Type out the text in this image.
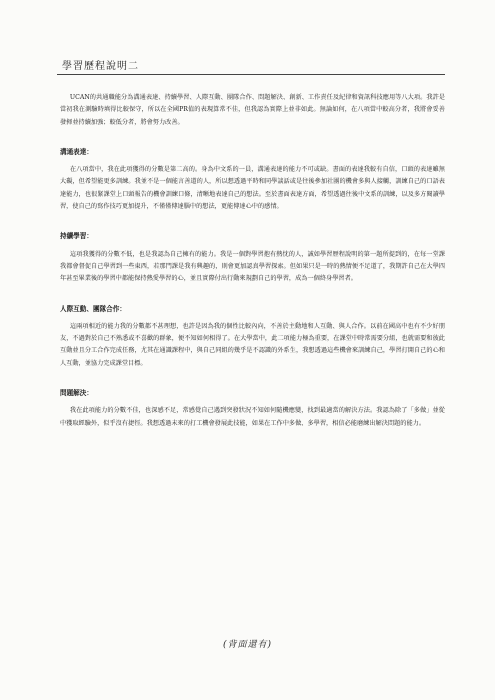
學習歷程說明二

UCAN的共通職能分為溝通表達、持續學習、人際互動、團隊合作、問題解決、創新、工作責任及紀律和資訊科技應用等八大項。我許是當初我在測驗時填得比較保守，所以在全國PR值的表現算常不佳，但我認為實際上並非如此。無論如何，在八項當中較高分者，我將會妥善發揮並持續加強；較低分者，將會努力改善。

溝通表達：

在八項當中，我在此項獲得的分數是第二高的。身為中文系的一員，溝通表達的能力不可或缺。書面的表達我較有自信，口頭的表達雖無大礙，但希望能更多訓練。我並不是一個能言善道的人，所以想透過平時和同學談話或是往後參加社團的機會多與人接觸，訓練自己的口語表達能力，也很緊課堂上口頭報告的機會訓練口條，清晰地表達自己的想法。至於書面表達方面，希望透過往後中文系的訓練，以及多方閱讀學習，使自己的寫作技巧更加提升，不僅僅傳達腦中的想法，更能傳達心中的感情。

持續學習：

這項我獲得的分數不低，也是我認為自己擁有的能力。我是一個對學習抱有熱忱的人，誠如學習歷程說明的第一題所提到的，在每一堂課我都會督促自己學習到一些東西，若那門課是我有興趣的，則會更加認真學習探索。但如果只是一時的熱情便不足道了，我期許自己在大學四年甚至畢業後的學習中都能保持熱愛學習的心，並且實際付出行動來規劃自己的學習，成為一個終身學習者。

人際互動、團隊合作：

這兩項相近的能力我的分數都不甚理想，也許是因為我的個性比較內向，不善於主動地和人互動、與人合作。以前在國高中也有不少好朋友，不過對於自己不熟悉或不喜歡的群象，便不知如何相得了。在大學當中，此二項能力極為重要，在課堂中時常需要分組，也就需要和彼此互動並且分工合作完成任務，尤其在通識課程中，與自己同組的幾乎是不認識的外系生，我想透過這些機會來訓練自己，學習打開自己的心和人互動，並協力完成課堂目標。

問題解決：

我在此項能力的分數不佳，也深感不足，常感覺自己遇到突發狀況不知如何隨機應變，找到最適當的解決方法。我認為除了「多做」並從中獲取經驗外，似乎沒有捷徑。我想透過未來的打工機會發展此技能，如果在工作中多做、多學習，相信必能磨練出解決問題的能力。

(背面還有)
